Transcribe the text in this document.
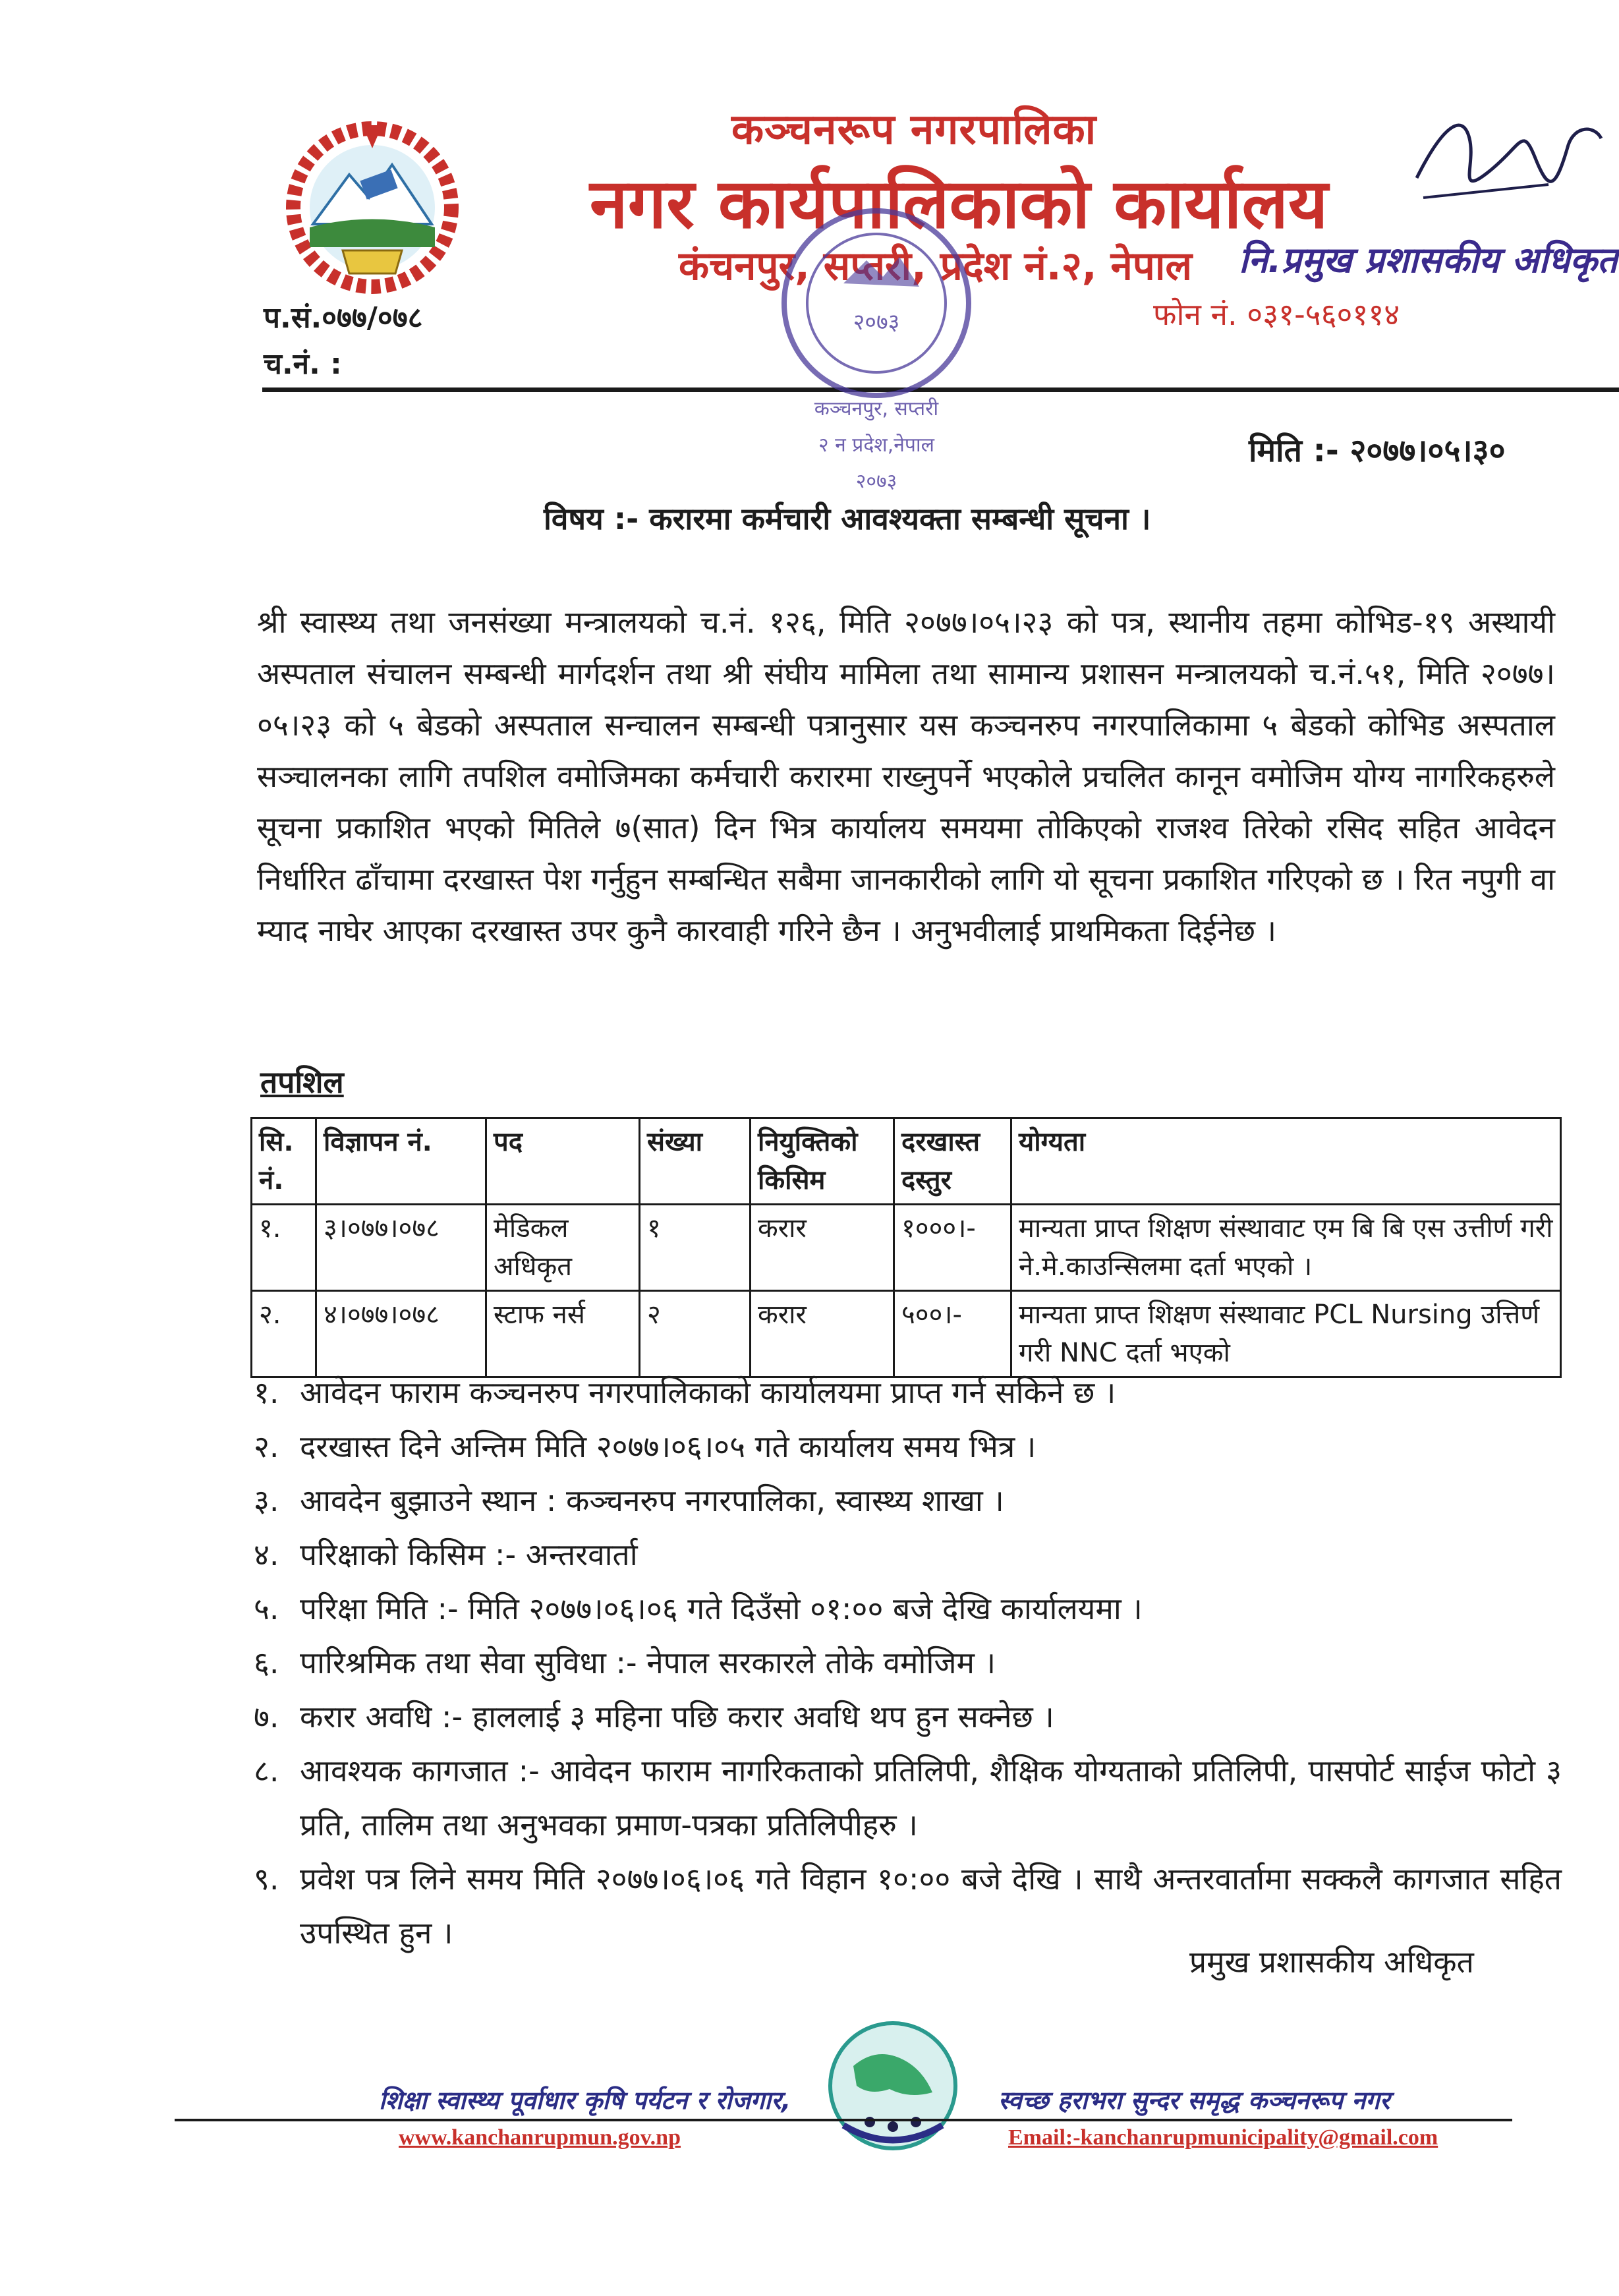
कञ्चनरूप नगरपालिका
नगर कार्यपालिकाको कार्यालय
कंचनपुर, सप्तरी, प्रदेश नं.२, नेपाल नि.प्रमुख प्रशासकीय अधिकृत
फोन नं. ०३१-५६०११४
प.सं.०७७/०७८
च.नं. :
२०७३
कञ्चनपुर, सप्तरी
२ न प्रदेश,नेपाल
२०७३
मिति :- २०७७।०५।३०
विषय :- करारमा कर्मचारी आवश्यक्ता सम्बन्धी सूचना ।
श्री स्वास्थ्य तथा जनसंख्या मन्त्रालयको च.नं. १२६, मिति २०७७।०५।२३ को पत्र, स्थानीय तहमा कोभिड-१९ अस्थायी अस्पताल संचालन सम्बन्धी मार्गदर्शन तथा श्री संघीय मामिला तथा सामान्य प्रशासन मन्त्रालयको च.नं.५१, मिति २०७७।०५।२३ को ५ बेडको अस्पताल सन्चालन सम्बन्धी पत्रानुसार यस कञ्चनरुप नगरपालिकामा ५ बेडको कोभिड अस्पताल सञ्चालनका लागि तपशिल वमोजिमका कर्मचारी करारमा राख्नुपर्ने भएकोले प्रचलित कानून वमोजिम योग्य नागरिकहरुले सूचना प्रकाशित भएको मितिले ७(सात) दिन भित्र कार्यालय समयमा तोकिएको राजश्व तिरेको रसिद सहित आवेदन निर्धारित ढाँचामा दरखास्त पेश गर्नुहुन सम्बन्धित सबैमा जानकारीको लागि यो सूचना प्रकाशित गरिएको छ । रित नपुगी वा म्याद नाघेर आएका दरखास्त उपर कुनै कारवाही गरिने छैन । अनुभवीलाई प्राथमिकता दिईनेछ ।
तपशिल
सि. नं.	विज्ञापन नं.	पद	संख्या	नियुक्तिको किसिम	दरखास्त दस्तुर	योग्यता
१.	३।०७७।०७८	मेडिकल अधिकृत	१	करार	१०००।-	मान्यता प्राप्त शिक्षण संस्थावाट एम बि बि एस उत्तीर्ण गरी ने.मे.काउन्सिलमा दर्ता भएको ।
२.	४।०७७।०७८	स्टाफ नर्स	२	करार	५००।-	मान्यता प्राप्त शिक्षण संस्थावाट PCL Nursing उत्तिर्ण गरी NNC दर्ता भएको
१. आवेदन फाराम कञ्चनरुप नगरपालिकाको कार्यालयमा प्राप्त गर्न सकिने छ ।
२. दरखास्त दिने अन्तिम मिति २०७७।०६।०५ गते कार्यालय समय भित्र ।
३. आवदेन बुझाउने स्थान : कञ्चनरुप नगरपालिका, स्वास्थ्य शाखा ।
४. परिक्षाको किसिम :- अन्तरवार्ता
५. परिक्षा मिति :- मिति २०७७।०६।०६ गते दिउँसो ०१:०० बजे देखि कार्यालयमा ।
६. पारिश्रमिक तथा सेवा सुविधा :- नेपाल सरकारले तोके वमोजिम ।
७. करार अवधि :- हाललाई ३ महिना पछि करार अवधि थप हुन सक्नेछ ।
८. आवश्यक कागजात :- आवेदन फाराम नागरिकताको प्रतिलिपी, शैक्षिक योग्यताको प्रतिलिपी, पासपोर्ट साईज फोटो ३ प्रति, तालिम तथा अनुभवका प्रमाण-पत्रका प्रतिलिपीहरु ।
९. प्रवेश पत्र लिने समय मिति २०७७।०६।०६ गते विहान १०:०० बजे देखि । साथै अन्तरवार्तामा सक्कलै कागजात सहित उपस्थित हुन ।
प्रमुख प्रशासकीय अधिकृत
शिक्षा स्वास्थ्य पूर्वाधार कृषि पर्यटन र रोजगार,	स्वच्छ हराभरा सुन्दर समृद्ध कञ्चनरूप नगर
www.kanchanrupmun.gov.np	Email:-kanchanrupmunicipality@gmail.com
